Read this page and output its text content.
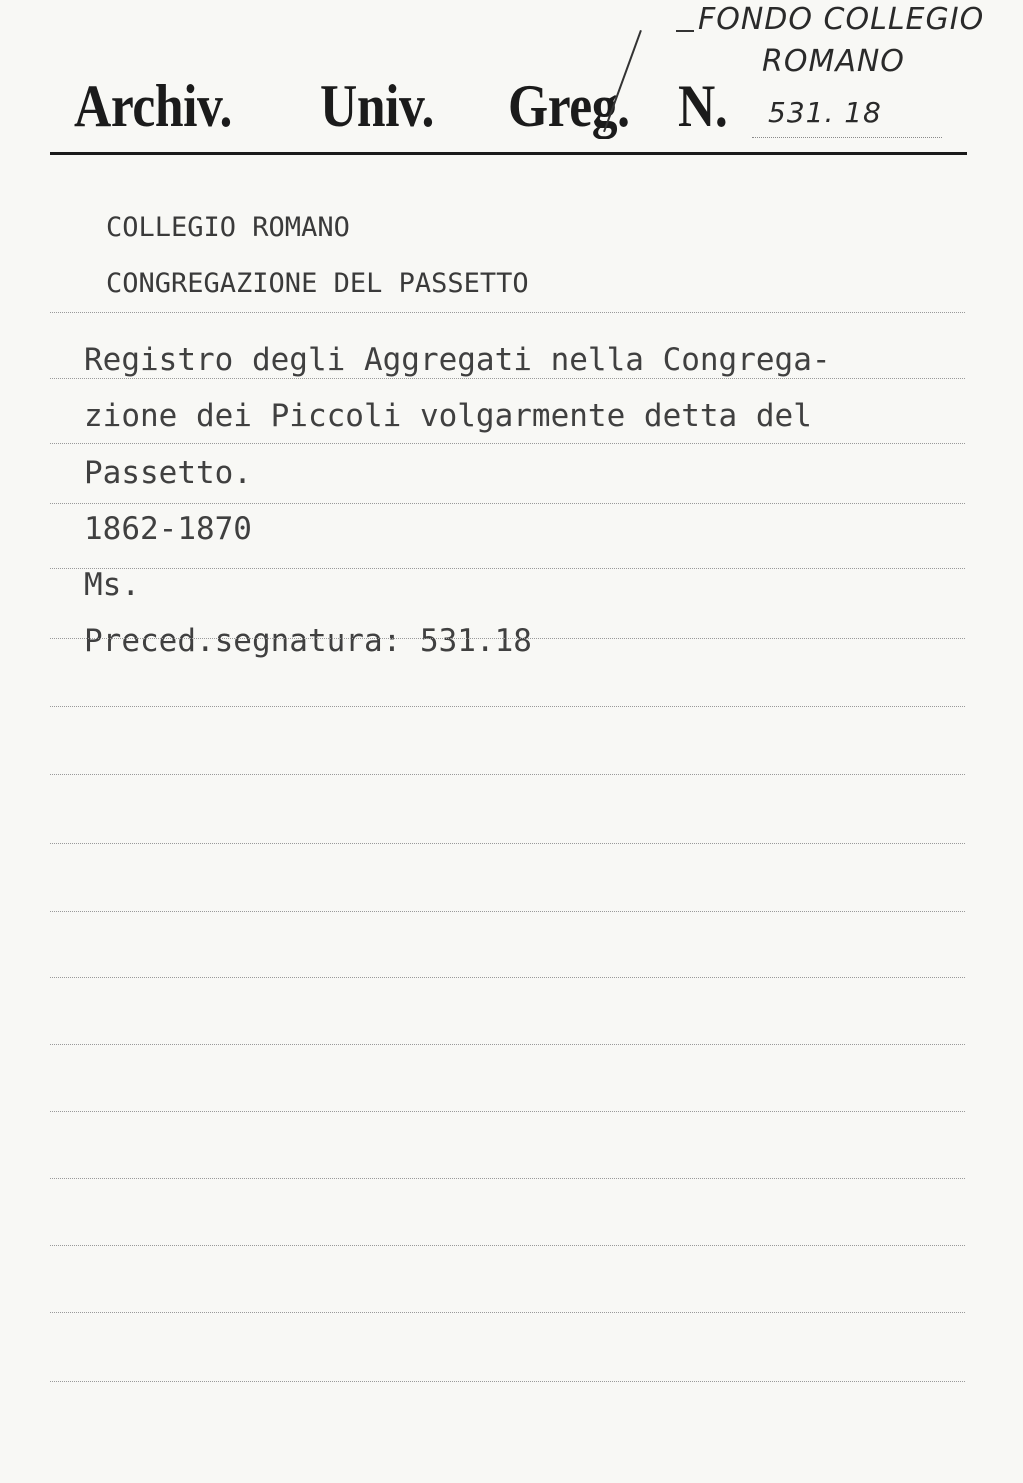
Archiv. Univ. Greg. N.
FONDO COLLEGIO
ROMANO
531. 18
COLLEGIO ROMANO
CONGREGAZIONE DEL PASSETTO
Registro degli Aggregati nella Congrega-
zione dei Piccoli volgarmente detta del
Passetto.
1862-1870
Ms.
Preced.segnatura: 531.18
